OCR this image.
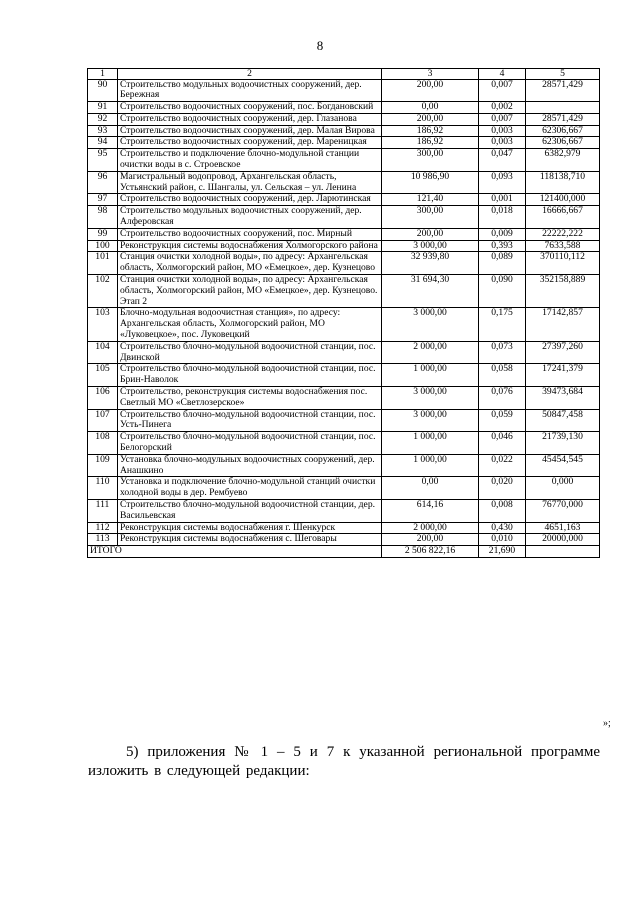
8
1	2	3	4	5
90	Строительство модульных водоочистных сооружений, дер. Бережная	200,00	0,007	28571,429
91	Строительство водоочистных сооружений, пос. Богдановский	0,00	0,002	
92	Строительство водоочистных сооружений, дер. Глазанова	200,00	0,007	28571,429
93	Строительство водоочистных сооружений, дер. Малая Вирова	186,92	0,003	62306,667
94	Строительство водоочистных сооружений, дер. Мареницкая	186,92	0,003	62306,667
95	Строительство и подключение блочно-модульной станции очистки воды в с. Строевское	300,00	0,047	6382,979
96	Магистральный водопровод, Архангельская область, Устьянский район, с. Шангалы, ул. Сельская – ул. Ленина	10 986,90	0,093	118138,710
97	Строительство водоочистных сооружений, дер. Ларютинская	121,40	0,001	121400,000
98	Строительство модульных водоочистных сооружений, дер. Алферовская	300,00	0,018	16666,667
99	Строительство водоочистных сооружений, пос. Мирный	200,00	0,009	22222,222
100	Реконструкция системы водоснабжения Холмогорского района	3 000,00	0,393	7633,588
101	Станция очистки холодной воды», по адресу: Архангельская область, Холмогорский район, МО «Емецкое», дер. Кузнецово	32 939,80	0,089	370110,112
102	Станция очистки холодной воды», по адресу: Архангельская область, Холмогорский район, МО «Емецкое», дер. Кузнецово. Этап 2	31 694,30	0,090	352158,889
103	Блочно-модульная водоочистная станция», по адресу: Архангельская область, Холмогорский район, МО «Луковецкое», пос. Луковецкий	3 000,00	0,175	17142,857
104	Строительство блочно-модульной водоочистной станции, пос. Двинской	2 000,00	0,073	27397,260
105	Строительство блочно-модульной водоочистной станции, пос. Брин-Наволок	1 000,00	0,058	17241,379
106	Строительство, реконструкция системы водоснабжения пос. Светлый МО «Светлозерское»	3 000,00	0,076	39473,684
107	Строительство блочно-модульной водоочистной станции, пос. Усть-Пинега	3 000,00	0,059	50847,458
108	Строительство блочно-модульной водоочистной станции, пос. Белогорский	1 000,00	0,046	21739,130
109	Установка блочно-модульных водоочистных сооружений, дер. Анашкино	1 000,00	0,022	45454,545
110	Установка и подключение блочно-модульной станций очистки холодной воды в дер. Рембуево	0,00	0,020	0,000
111	Строительство блочно-модульной водоочистной станции, дер. Васильевская	614,16	0,008	76770,000
112	Реконструкция системы водоснабжения г. Шенкурск	2 000,00	0,430	4651,163
113	Реконструкция системы водоснабжения с. Шеговары	200,00	0,010	20000,000
ИТОГО		2 506 822,16	21,690	
»;
5) приложения № 1 – 5 и 7 к указанной региональной программе изложить в следующей редакции:
